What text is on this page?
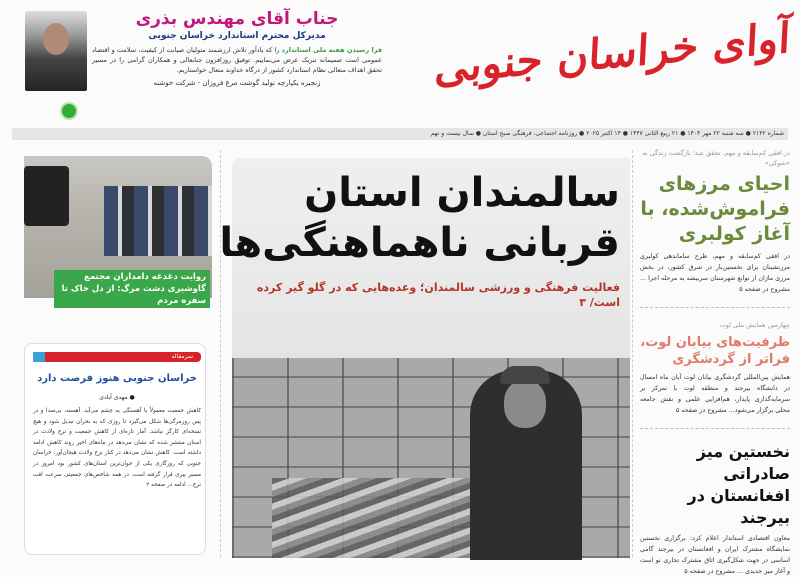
جناب آقای مهندس بذری
مدیرکل محترم استاندارد خراسان جنوبی
فرا رسیدن هفته ملی استاندارد را که یادآور تلاش ارزشمند متولیان صیانت از کیفیت، سلامت و اقتصاد عمومی است صمیمانه تبریک عرض می‌نماییم. توفیق روزافزون جنابعالی و همکاران گرامی را در مسیر تحقق اهداف متعالی نظام استاندارد کشور از درگاه خداوند متعال خواستاریم.
زنجیره یکپارچه تولید گوشت مرغ فروزان - شرکت خوشنه	آوای خراسان جنوبی
شماره ۲۱۳۲ ● سه شنبه ۲۲ مهر ۱۴۰۴ ● ۲۱ ربیع الثانی ۱۴۴۷ ● ۱۴ اکتبر ۲۰۲۵ ● روزنامه اجتماعی، فرهنگی صبح استان ● سال بیست و نهم
روایت دغدغه دامداران مجتمع گاوشیری دشت مرگ: از دل خاک تا سفره مردم
سرمقاله
خراسان جنوبی هنوز فرصت دارد
● مهدی آبادی
کاهش جمعیت معمولاً با آهستگی به چشم می‌آید. آهسته، بی‌صدا و در پس روزمرگی‌ها شکل می‌گیرد تا روزی که به بحران تبدیل شود و هیچ نسخه‌ای کارگر نباشد. آمار تازه‌ای از کاهش جمعیت و نرخ ولادت در استان منتشر شده که نشان می‌دهد در ماه‌های اخیر روند کاهش ادامه داشته است. کاهش نشان می‌دهد در کنار نرخ ولادت هیجان‌آور، خراسان جنوبی که روزگاری یکی از جوان‌ترین استان‌های کشور بود امروز در مسیر پیری قرار گرفته است. در همه شاخص‌های جمعیتی سرعت افت نرخ... ادامه در صفحه ۲
سالمندان استان
قربانی ناهماهنگی‌ها
فعالیت فرهنگی و ورزشی سالمندان؛ وعده‌هایی که در گلو گیر کرده است/ ۳
در افقی کم‌سابقه و مهم، تحقق شد؛ بازگشت زندگی به «شوکی»
احیای مرزهای فراموش‌شده، با آغاز کولبری
در افقی کم‌سابقه و مهم، طرح ساماندهی کولبری مرزنشینان برای نخستین‌بار در شرق کشور، در بخش مرزی ماژان از توابع شهرستان سربیشه به مرحله اجرا ... مشروح در صفحه ۵
چهارمین همایش ملی لوت
ظرفیت‌های بیابان لوت، فراتر از گردشگری
همایش بین‌المللی گردشگری بیابان لوت آبان ماه امسال در دانشگاه بیرجند و منطقه لوت با تمرکز بر سرمایه‌گذاری پایدار، هم‌افزایی علمی و نقش جامعه محلی برگزار می‌شود... مشروح در صفحه ۵
نخستین میز صادراتی افغانستان در بیرجند
معاون اقتصادی استاندار اعلام کرد: برگزاری نخستین نمایشگاه مشترک ایران و افغانستان در بیرجند گامی اساسی در جهت شکل‌گیری اتاق مشترک تجاری نو است و آغاز میز جدیدی ... مشروح در صفحه ۵
